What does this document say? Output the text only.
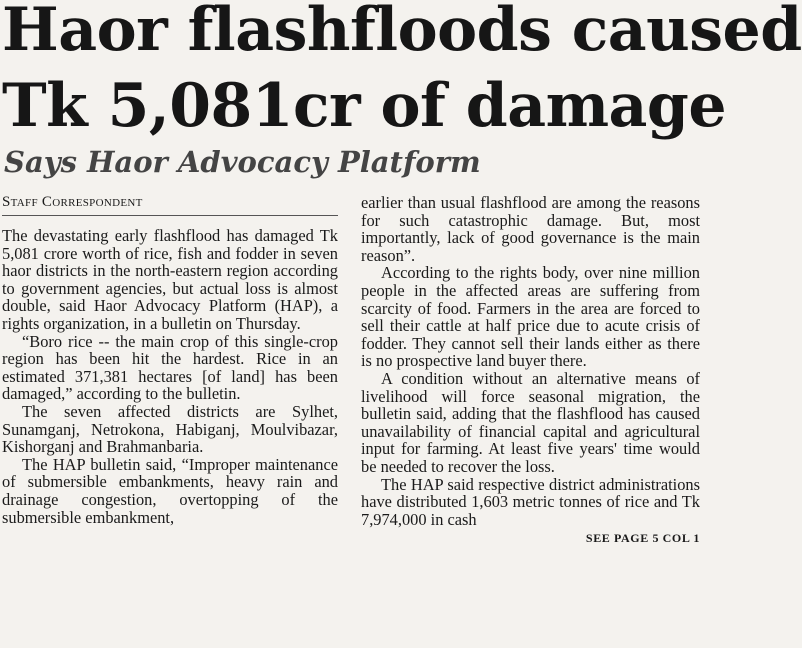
Haor flashfloods caused
Tk 5,081cr of damage
Says Haor Advocacy Platform
Staff Correspondent

The devastating early flashflood has damaged Tk 5,081 crore worth of rice, fish and fodder in seven haor districts in the north-eastern region according to government agencies, but actual loss is almost double, said Haor Advocacy Platform (HAP), a rights organization, in a bulletin on Thursday.

“Boro rice -- the main crop of this single-crop region has been hit the hardest. Rice in an estimated 371,381 hectares [of land] has been damaged,” according to the bulletin.

The seven affected districts are Sylhet, Sunamganj, Netrokona, Habiganj, Moulvibazar, Kishorganj and Brahmanbaria.

The HAP bulletin said, “Improper maintenance of submersible embankments, heavy rain and drainage congestion, overtopping of the submersible embankment,

earlier than usual flashflood are among the reasons for such catastrophic damage. But, most importantly, lack of good governance is the main reason”.

According to the rights body, over nine million people in the affected areas are suffering from scarcity of food. Farmers in the area are forced to sell their cattle at half price due to acute crisis of fodder. They cannot sell their lands either as there is no prospective land buyer there.

A condition without an alternative means of livelihood will force seasonal migration, the bulletin said, adding that the flashflood has caused unavailability of financial capital and agricultural input for farming. At least five years' time would be needed to recover the loss.

The HAP said respective district administrations have distributed 1,603 metric tonnes of rice and Tk 7,974,000 in cash

SEE PAGE 5 COL 1
